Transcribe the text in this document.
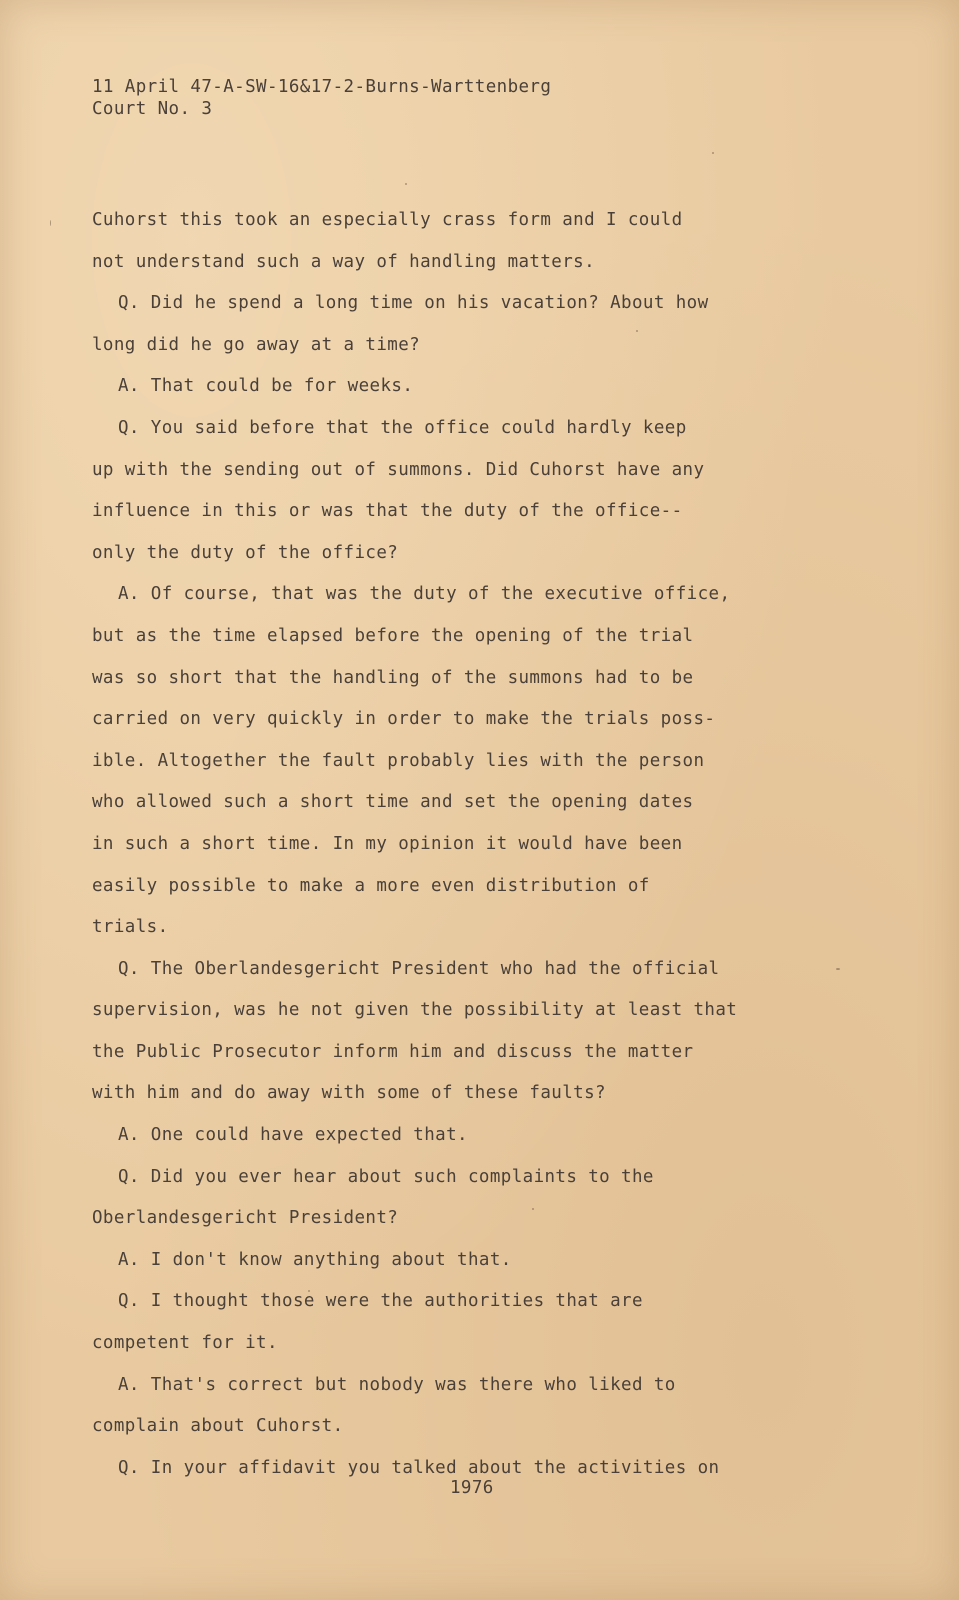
11 April 47-A-SW-16&17-2-Burns-Warttenberg
Court No. 3
Cuhorst this took an especially crass form and I could
not understand such a way of handling matters.
Q. Did he spend a long time on his vacation? About how
long did he go away at a time?
A. That could be for weeks.
Q. You said before that the office could hardly keep
up with the sending out of summons. Did Cuhorst have any
influence in this or was that the duty of the office--
only the duty of the office?
A. Of course, that was the duty of the executive office,
but as the time elapsed before the opening of the trial
was so short that the handling of the summons had to be
carried on very quickly in order to make the trials poss-
ible. Altogether the fault probably lies with the person
who allowed such a short time and set the opening dates
in such a short time. In my opinion it would have been
easily possible to make a more even distribution of
trials.
Q. The Oberlandesgericht President who had the official
supervision, was he not given the possibility at least that
the Public Prosecutor inform him and discuss the matter
with him and do away with some of these faults?
A. One could have expected that.
Q. Did you ever hear about such complaints to the
Oberlandesgericht President?
A. I don't know anything about that.
Q. I thought those were the authorities that are
competent for it.
A. That's correct but nobody was there who liked to
complain about Cuhorst.
Q. In your affidavit you talked about the activities on
1976
